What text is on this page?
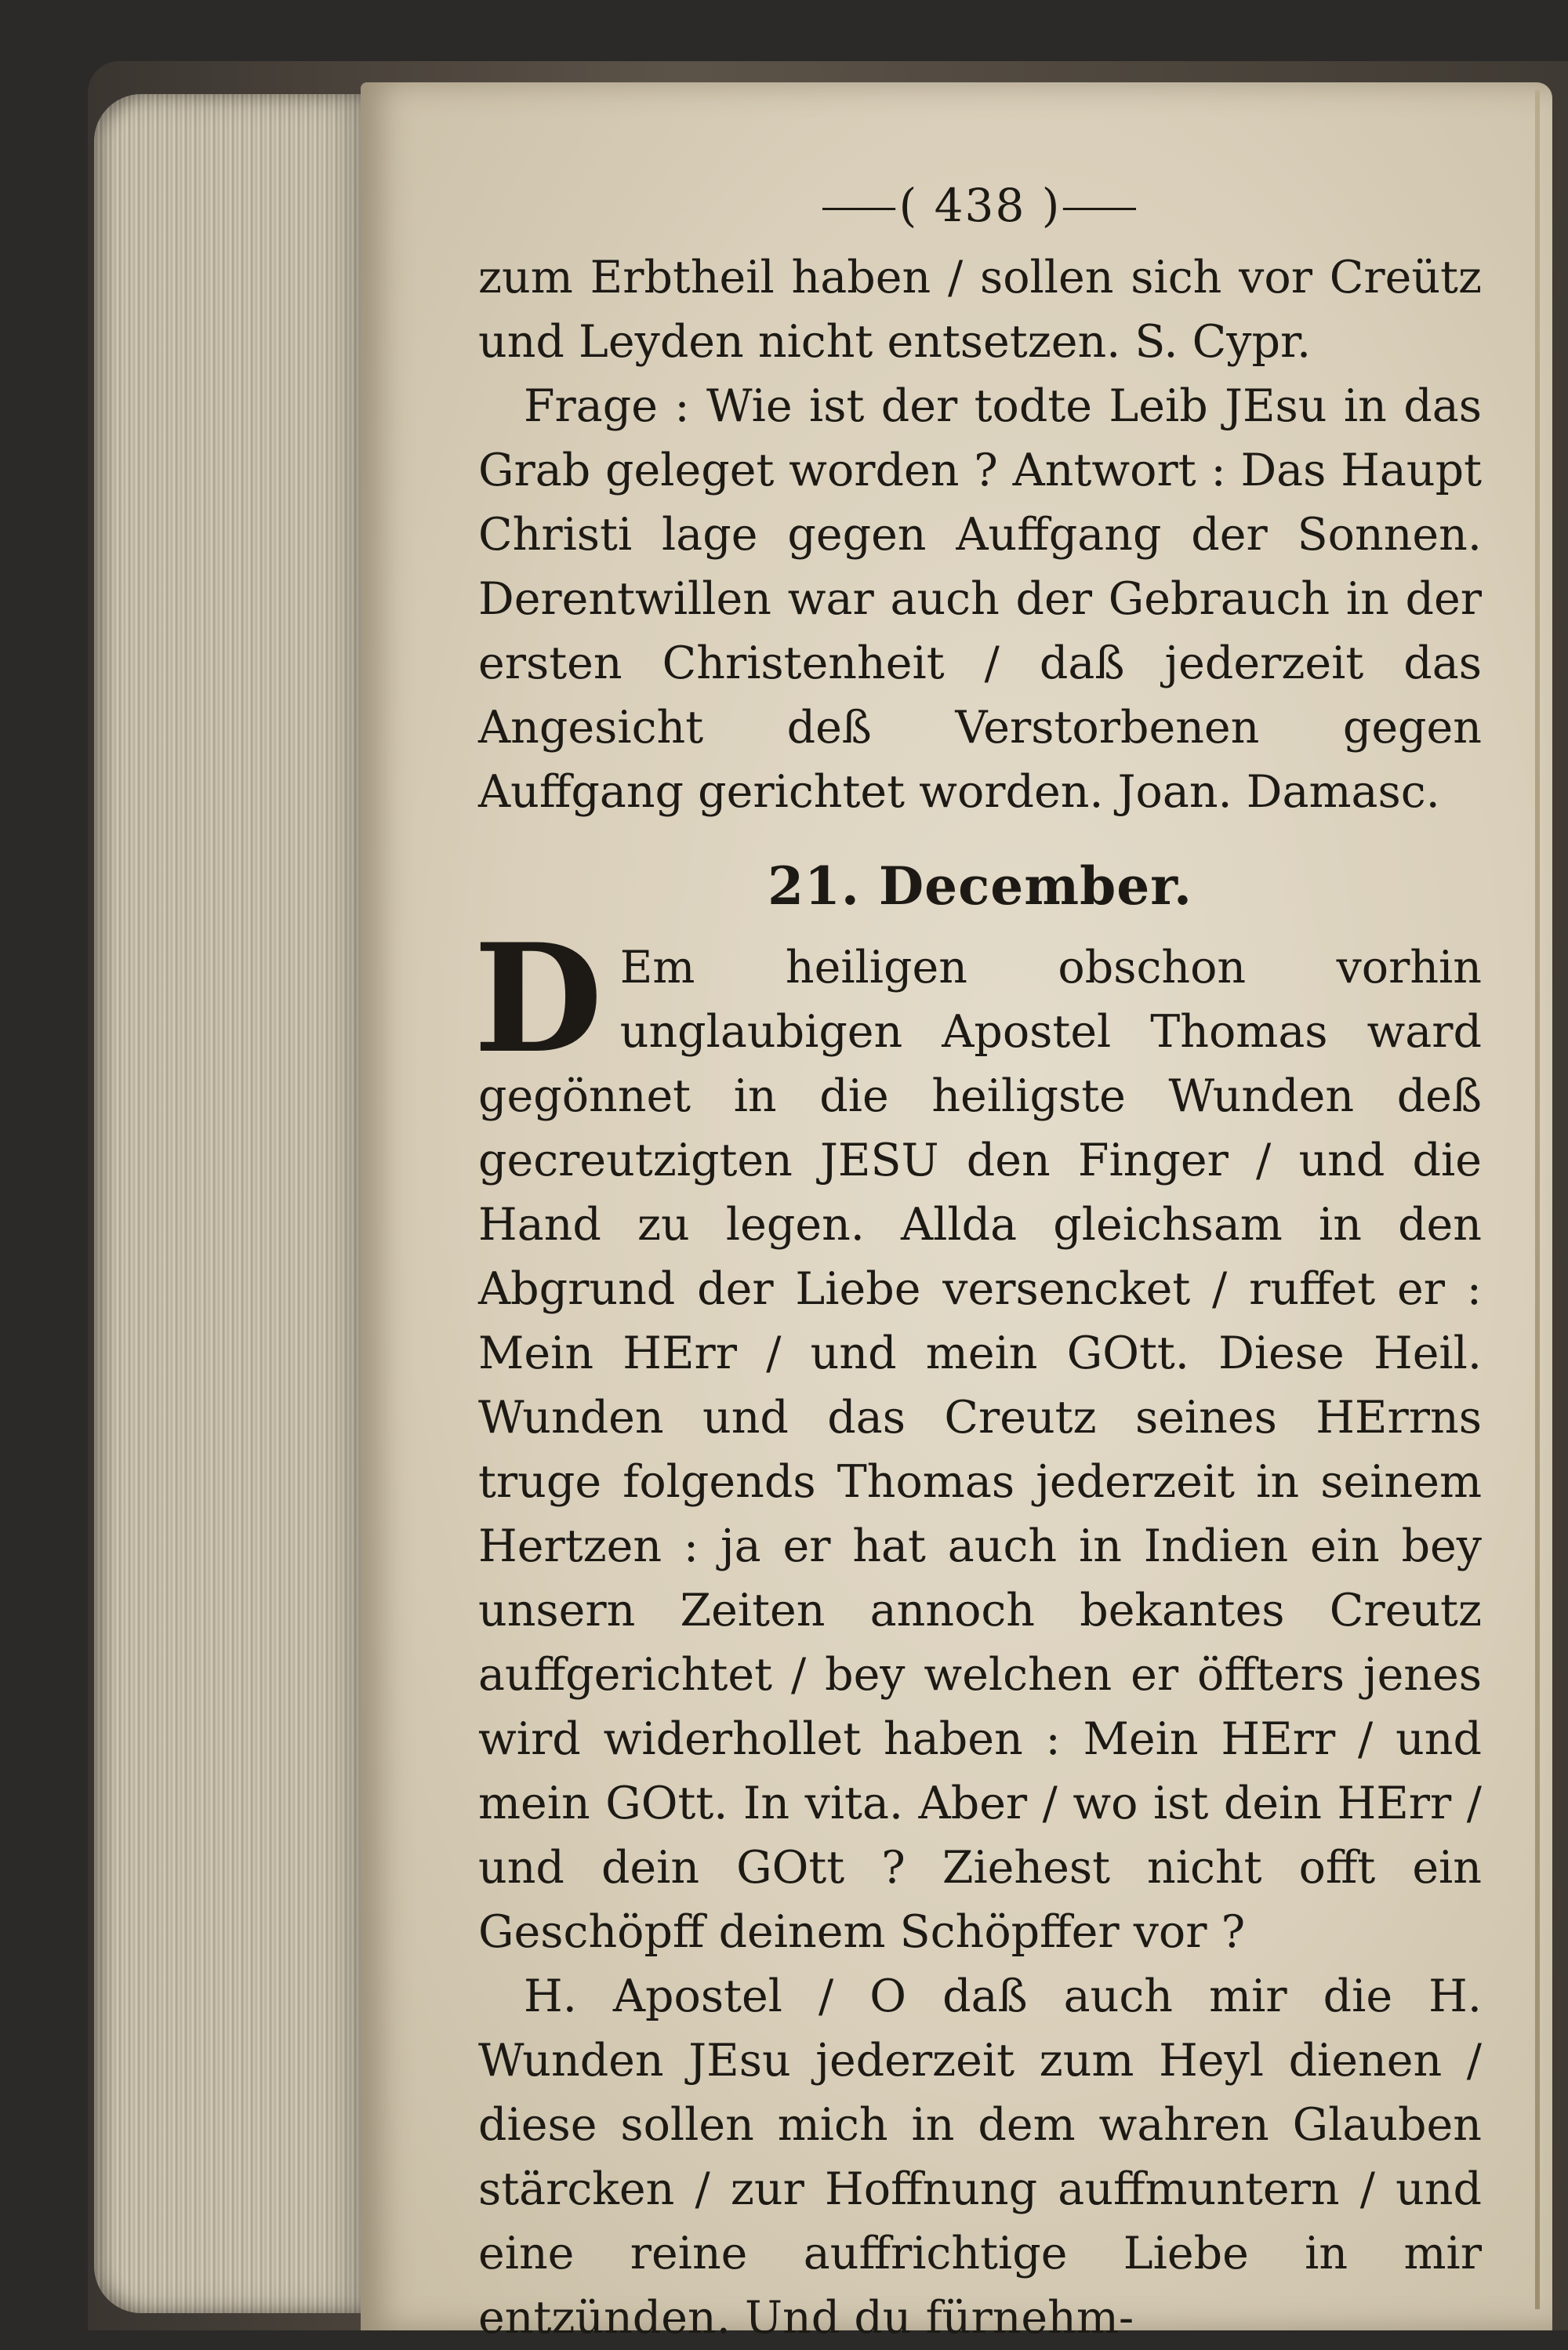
⸺( 438 )⸺

zum Erbtheil haben / sollen sich vor Creütz und Leyden nicht entsetzen. S. Cypr.

Frage : Wie ist der todte Leib JEsu in das Grab geleget worden ? Antwort : Das Haupt Christi lage gegen Auffgang der Sonnen. Derentwillen war auch der Gebrauch in der ersten Christenheit / daß jederzeit das Angesicht deß Verstorbenen gegen Auffgang gerichtet worden. Joan. Damasc.

21. December.

D Em heiligen obschon vorhin unglaubigen Apostel Thomas ward gegönnet in die heiligste Wunden deß gecreutzigten JESU den Finger / und die Hand zu legen. Allda gleichsam in den Abgrund der Liebe versencket / ruffet er : Mein HErr / und mein GOtt. Diese Heil. Wunden und das Creutz seines HErrns truge folgends Thomas jederzeit in seinem Hertzen : ja er hat auch in Indien ein bey unsern Zeiten annoch bekantes Creutz auffgerichtet / bey welchen er öffters jenes wird widerhollet haben : Mein HErr / und mein GOtt. In vita. Aber / wo ist dein HErr / und dein GOtt ? Ziehest nicht offt ein Geschöpff deinem Schöpffer vor ?

H. Apostel / O daß auch mir die H. Wunden JEsu jederzeit zum Heyl dienen / diese sollen mich in dem wahren Glauben stärcken / zur Hoffnung auffmuntern / und eine reine auffrichtige Liebe in mir entzünden. Und du fürnehm-
